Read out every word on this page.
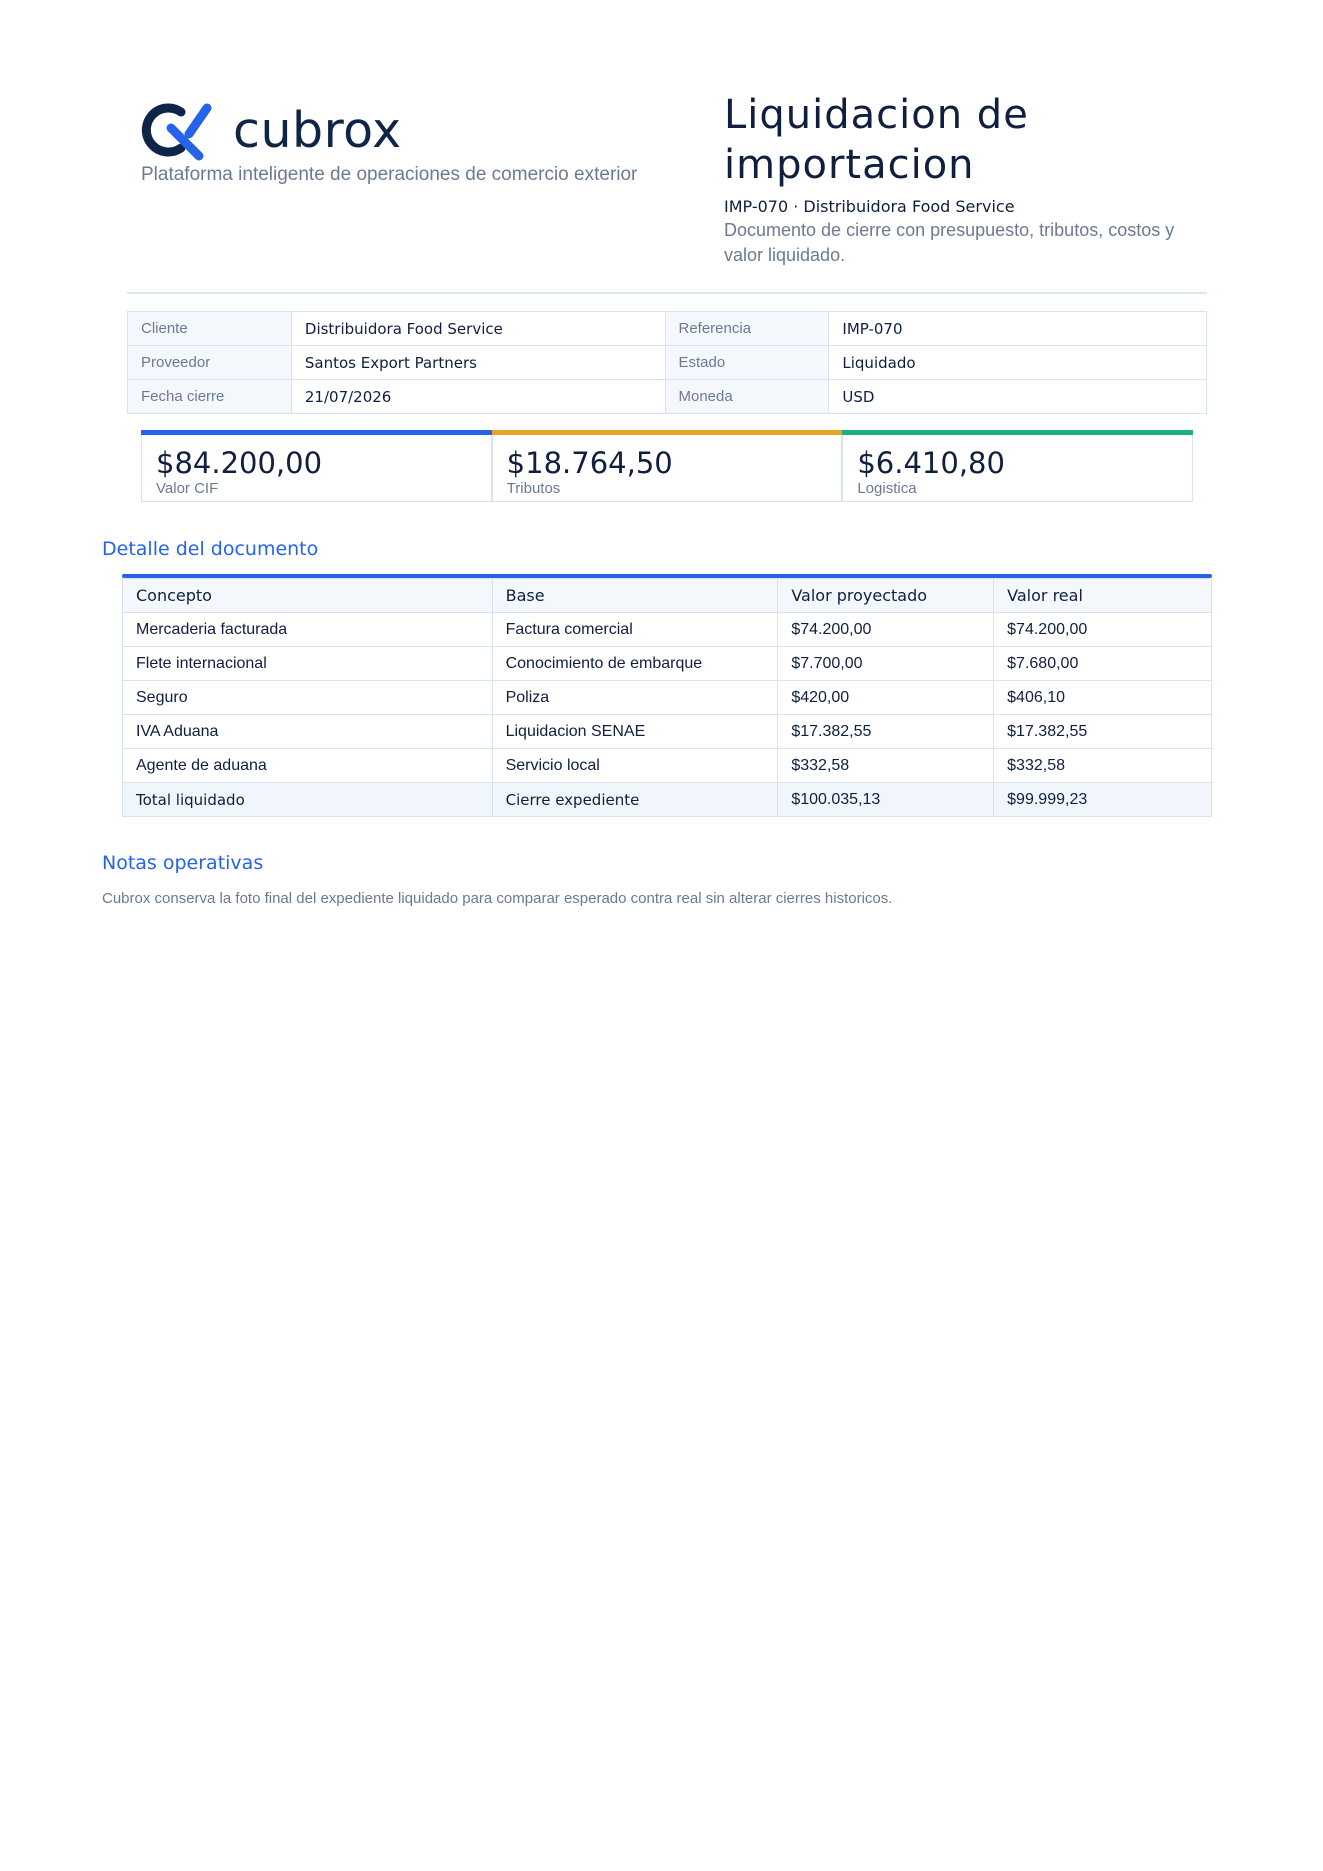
cubrox
Plataforma inteligente de operaciones de comercio exterior
Liquidacion de
importacion
IMP-070 · Distribuidora Food Service
Documento de cierre con presupuesto, tributos, costos y valor liquidado.
Cliente	Distribuidora Food Service	Referencia	IMP-070
Proveedor	Santos Export Partners	Estado	Liquidado
Fecha cierre	21/07/2026	Moneda	USD
$84.200,00
Valor CIF
$18.764,50
Tributos
$6.410,80
Logistica
Detalle del documento
Concepto	Base	Valor proyectado	Valor real
Mercaderia facturada	Factura comercial	$74.200,00	$74.200,00
Flete internacional	Conocimiento de embarque	$7.700,00	$7.680,00
Seguro	Poliza	$420,00	$406,10
IVA Aduana	Liquidacion SENAE	$17.382,55	$17.382,55
Agente de aduana	Servicio local	$332,58	$332,58
Total liquidado	Cierre expediente	$100.035,13	$99.999,23
Notas operativas
Cubrox conserva la foto final del expediente liquidado para comparar esperado contra real sin alterar cierres historicos.
